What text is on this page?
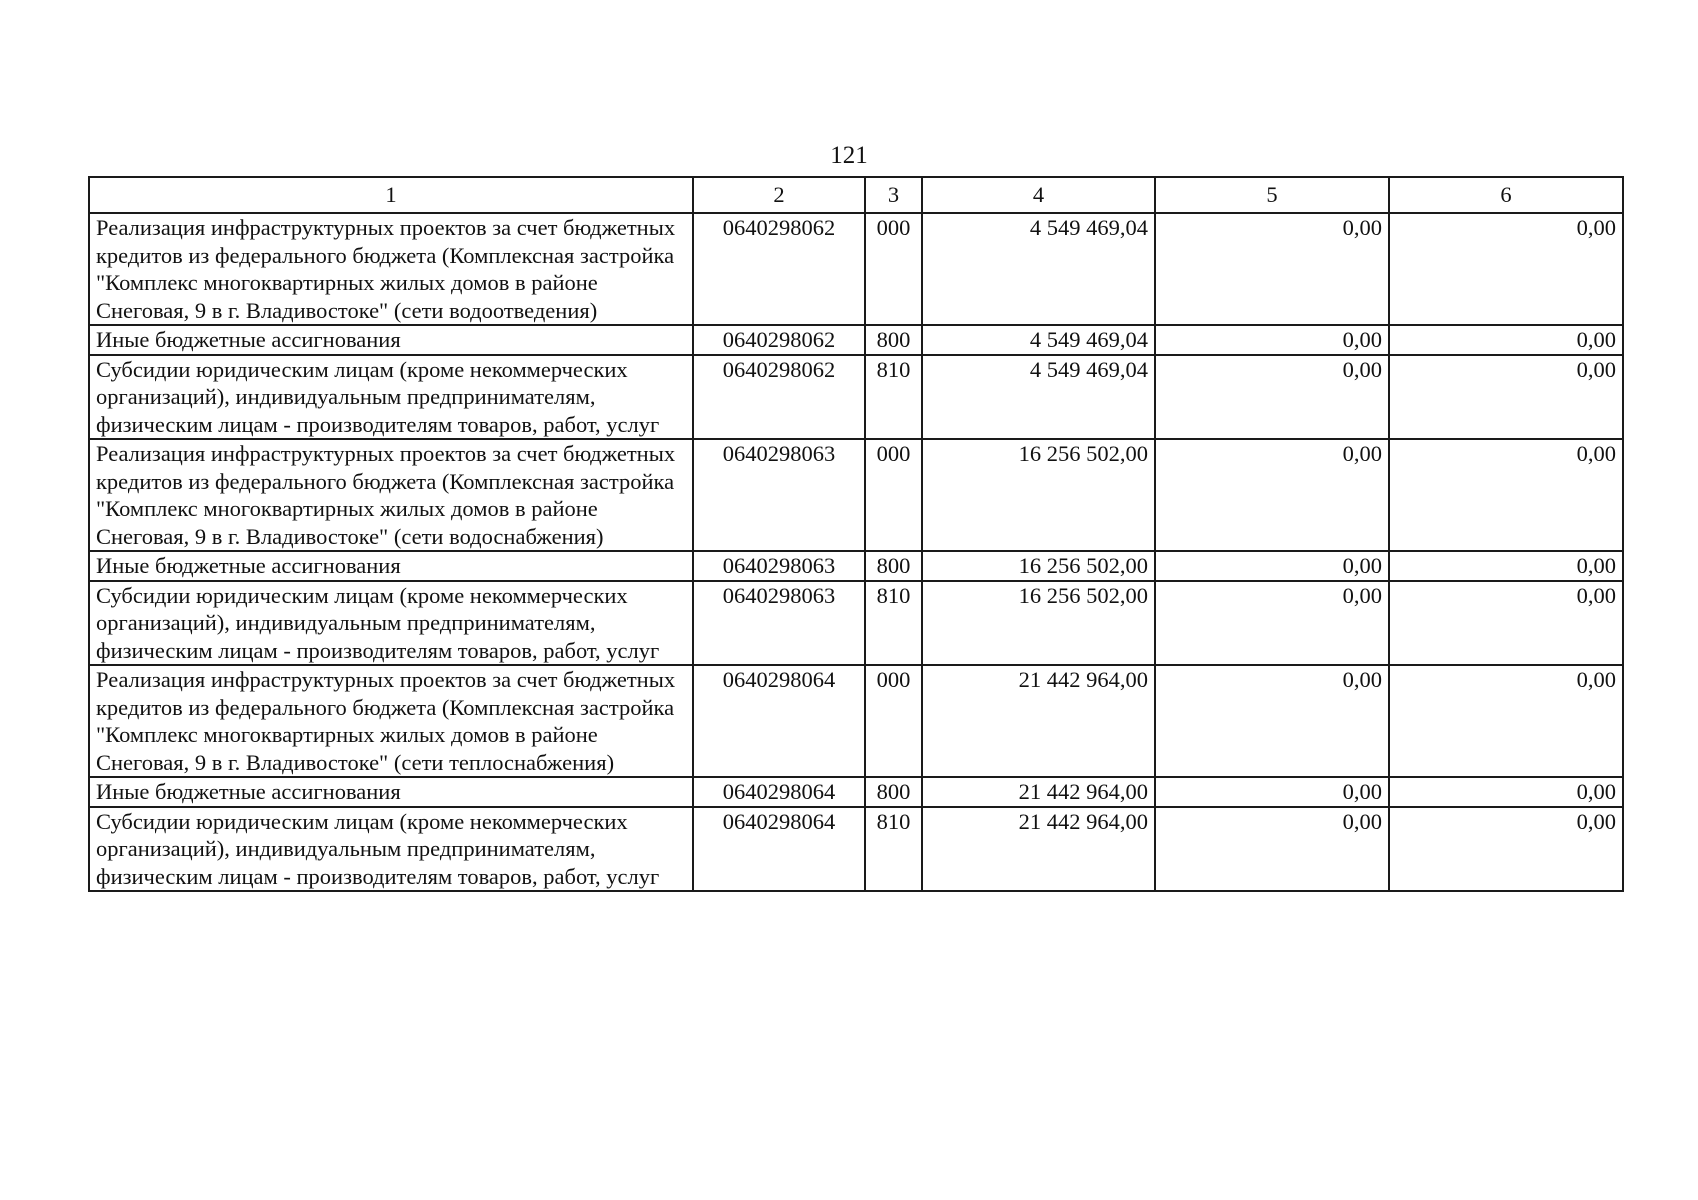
121
1	2	3	4	5	6
Реализация инфраструктурных проектов за счет бюджетных кредитов из федерального бюджета (Комплексная застройка "Комплекс многоквартирных жилых домов в районе Снеговая, 9 в г. Владивостоке" (сети водоотведения)	0640298062	000	4 549 469,04	0,00	0,00
Иные бюджетные ассигнования	0640298062	800	4 549 469,04	0,00	0,00
Субсидии юридическим лицам (кроме некоммерческих организаций), индивидуальным предпринимателям, физическим лицам - производителям товаров, работ, услуг	0640298062	810	4 549 469,04	0,00	0,00
Реализация инфраструктурных проектов за счет бюджетных кредитов из федерального бюджета (Комплексная застройка "Комплекс многоквартирных жилых домов в районе Снеговая, 9 в г. Владивостоке" (сети водоснабжения)	0640298063	000	16 256 502,00	0,00	0,00
Иные бюджетные ассигнования	0640298063	800	16 256 502,00	0,00	0,00
Субсидии юридическим лицам (кроме некоммерческих организаций), индивидуальным предпринимателям, физическим лицам - производителям товаров, работ, услуг	0640298063	810	16 256 502,00	0,00	0,00
Реализация инфраструктурных проектов за счет бюджетных кредитов из федерального бюджета (Комплексная застройка "Комплекс многоквартирных жилых домов в районе Снеговая, 9 в г. Владивостоке" (сети теплоснабжения)	0640298064	000	21 442 964,00	0,00	0,00
Иные бюджетные ассигнования	0640298064	800	21 442 964,00	0,00	0,00
Субсидии юридическим лицам (кроме некоммерческих организаций), индивидуальным предпринимателям, физическим лицам - производителям товаров, работ, услуг	0640298064	810	21 442 964,00	0,00	0,00
